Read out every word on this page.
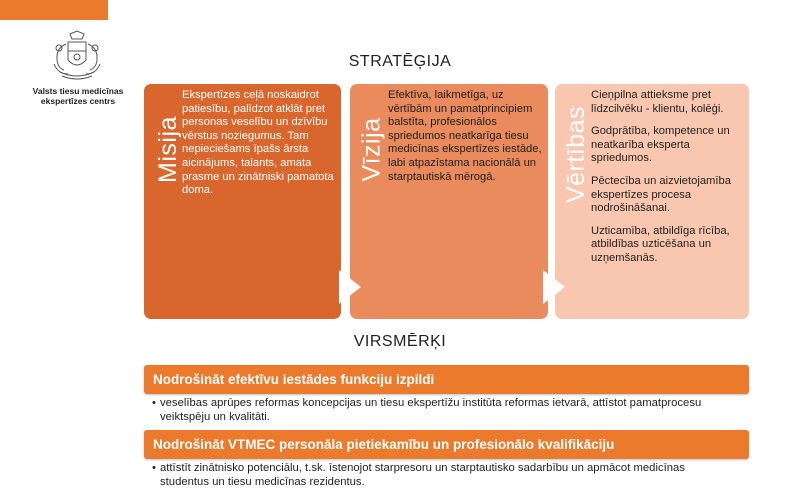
Valsts tiesu medicīnas
ekspertīzes centrs
STRATĒĢIJA
Misija
Ekspertīzes ceļā noskaidrot patiesību, palīdzot atklāt pret personas veselību un dzīvību vērstus noziegumus. Tam nepieciešams īpašs ārsta aicinājums, talants, amata prasme un zinātniski pamatota doma.
Vīzija
Efektīva, laikmetīga, uz vērtībām un pamatprincipiem balstīta, profesionālos spriedumos neatkarīga tiesu medicīnas ekspertīzes iestāde, labi atpazīstama nacionālā un starptautiskā mērogā.	Vērtības

Cieņpilna attieksme pret līdzcilvēku - klientu, kolēģi.

Godprātība, kompetence un neatkarība eksperta spriedumos.

Pēctecība un aizvietojamība ekspertīzes procesa nodrošināšanai.

Uzticamība, atbildīga rīcība, atbildības uzticēšana un uzņemšanās.

VIRSMĒRĶI
Nodrošināt efektīvu iestādes funkciju izpildi
• veselības aprūpes reformas koncepcijas un tiesu ekspertīžu institūta reformas ietvarā, attīstot pamatprocesu veiktspēju un kvalitāti.
Nodrošināt VTMEC personāla pietiekamību un profesionālo kvalifikāciju
• attīstīt zinātnisko potenciālu, t.sk. īstenojot starpresoru un starptautisko sadarbību un apmācot medicīnas studentus un tiesu medicīnas rezidentus.
